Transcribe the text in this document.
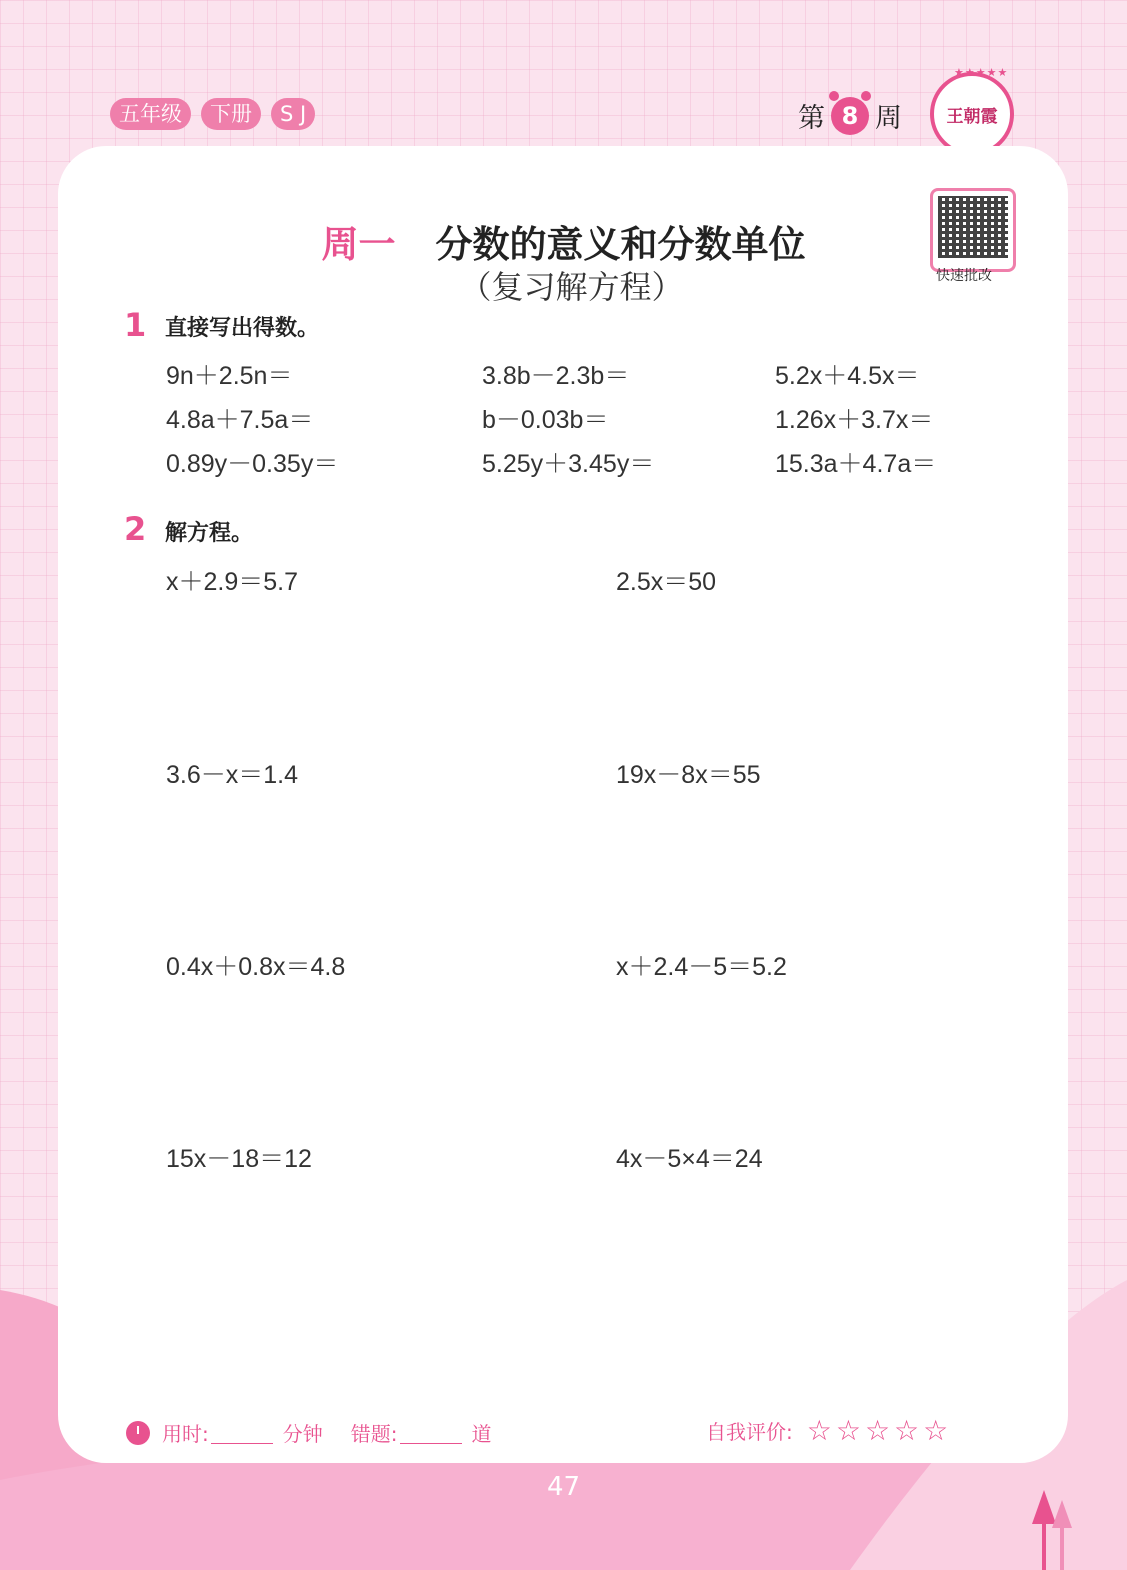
五年级	下册	S J	第 8 周
★★★★★
王朝霞
快速批改
周一 分数的意义和分数单位
（复习解方程）
1 直接写出得数。
9n＋2.5n＝	3.8b－2.3b＝	5.2x＋4.5x＝
4.8a＋7.5a＝	b－0.03b＝	1.26x＋3.7x＝
0.89y－0.35y＝	5.25y＋3.45y＝	15.3a＋4.7a＝
2 解方程。
x＋2.9＝5.7	2.5x＝50
3.6－x＝1.4	19x－8x＝55
0.4x＋0.8x＝4.8	x＋2.4－5＝5.2
15x－18＝12	4x－5×4＝24
用时:	分钟 错题:	道	自我评价: ☆☆☆☆☆
47
